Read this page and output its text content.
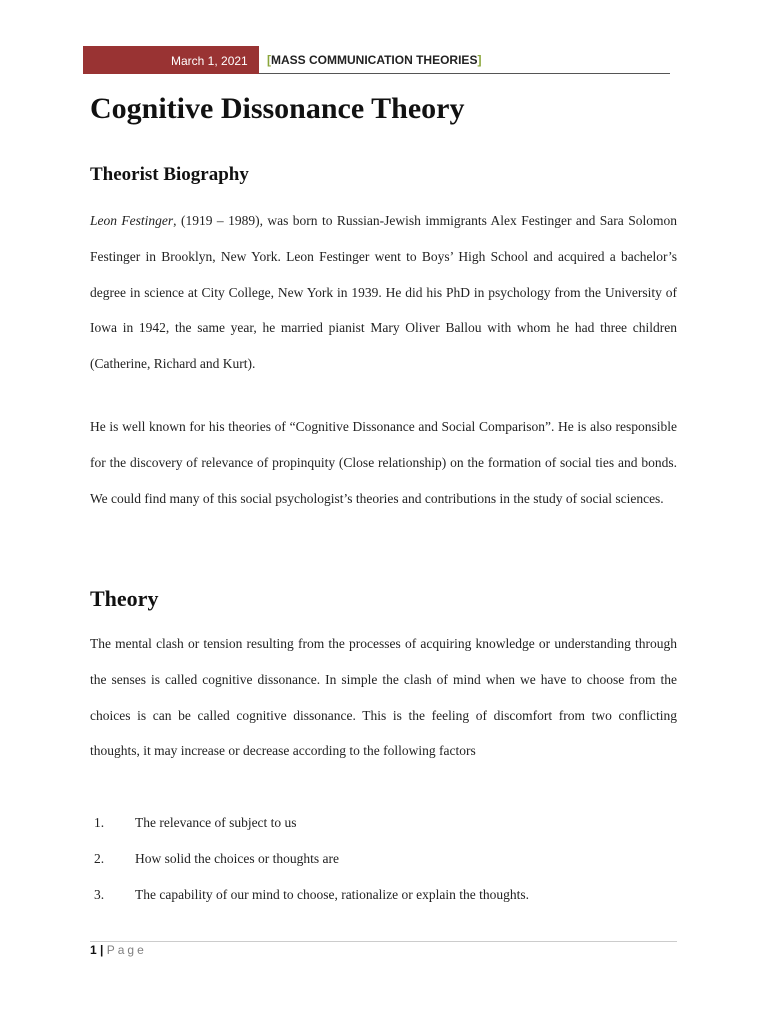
March 1, 2021 [MASS COMMUNICATION THEORIES]
Cognitive Dissonance Theory
Theorist Biography

Leon Festinger, (1919 – 1989), was born to Russian-Jewish immigrants Alex Festinger and Sara Solomon Festinger in Brooklyn, New York. Leon Festinger went to Boys’ High School and acquired a bachelor’s degree in science at City College, New York in 1939. He did his PhD in psychology from the University of Iowa in 1942, the same year, he married pianist Mary Oliver Ballou with whom he had three children (Catherine, Richard and Kurt).

He is well known for his theories of “Cognitive Dissonance and Social Comparison”. He is also responsible for the discovery of relevance of propinquity (Close relationship) on the formation of social ties and bonds. We could find many of this social psychologist’s theories and contributions in the study of social sciences.

Theory

The mental clash or tension resulting from the processes of acquiring knowledge or understanding through the senses is called cognitive dissonance. In simple the clash of mind when we have to choose from the choices is can be called cognitive dissonance. This is the feeling of discomfort from two conflicting thoughts, it may increase or decrease according to the following factors

1. The relevance of subject to us
2. How solid the choices or thoughts are
3. The capability of our mind to choose, rationalize or explain the thoughts.
1 | Page
